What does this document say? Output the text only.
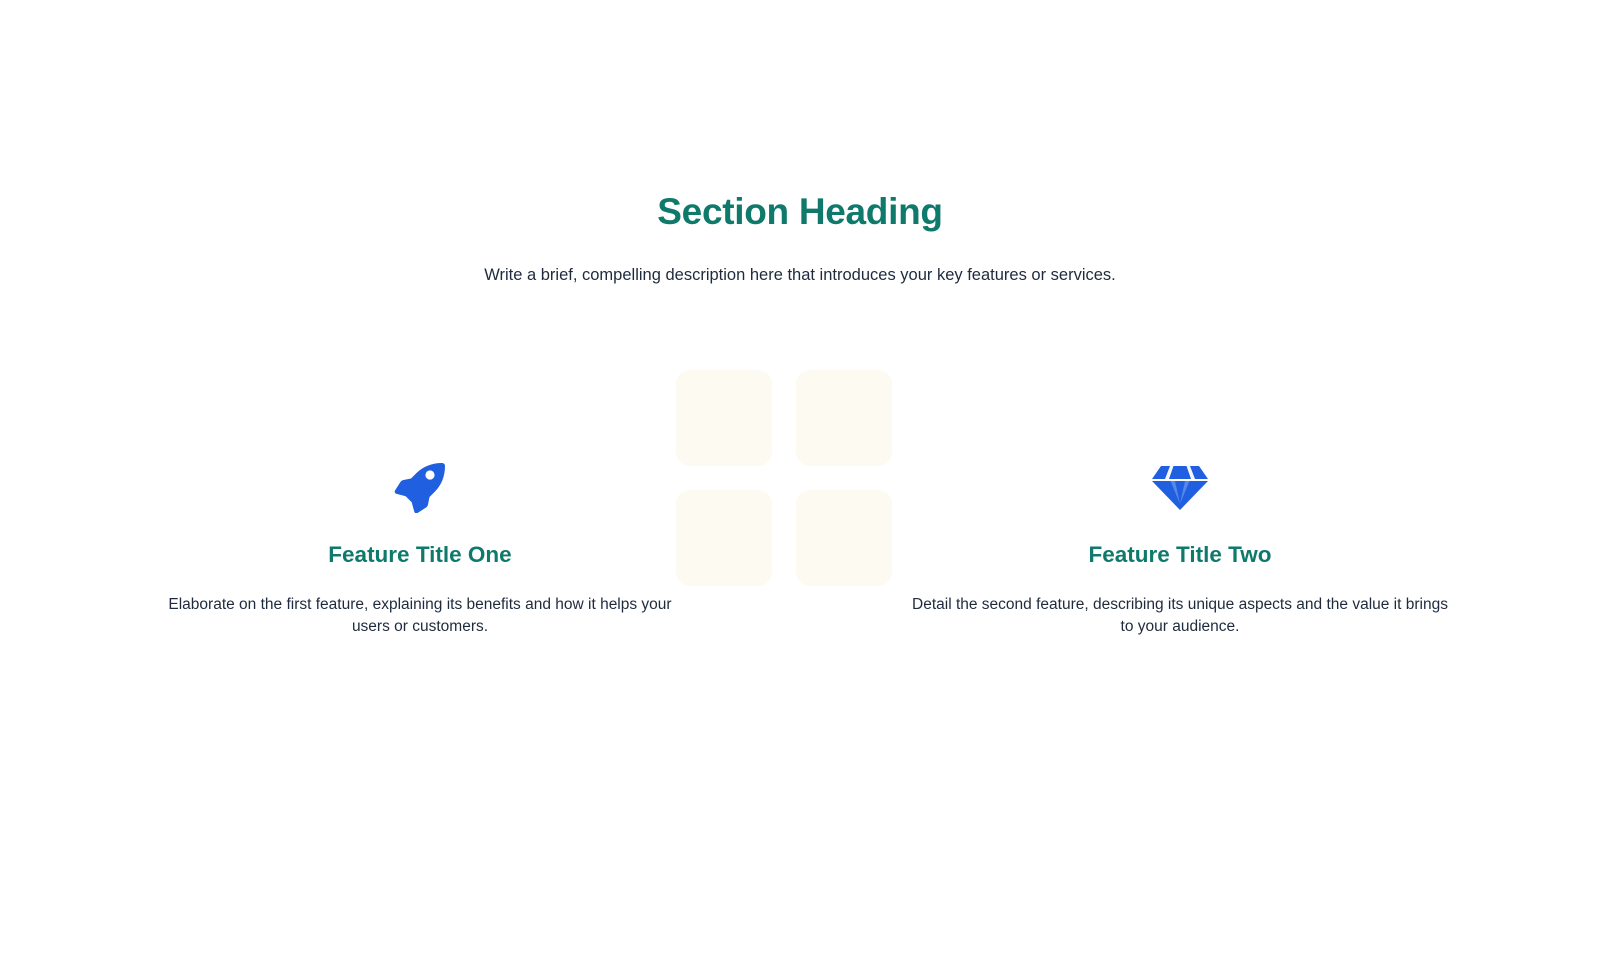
Section Heading

Write a brief, compelling description here that introduces your key features or services.

Feature Title One

Elaborate on the first feature, explaining its benefits and how it helps your users or customers.

Feature Title Two

Detail the second feature, describing its unique aspects and the value it brings to your audience.
